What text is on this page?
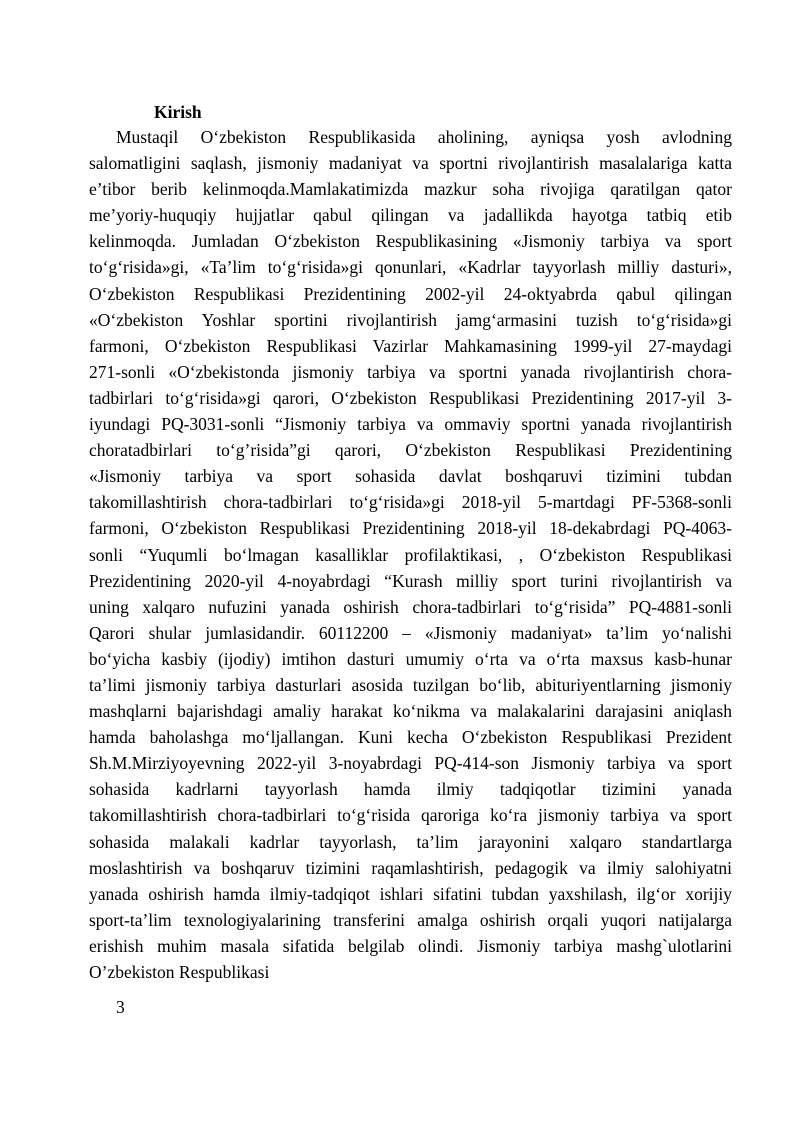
Kirish
Mustaqil O‘zbekiston Respublikasida aholining, ayniqsa yosh avlodning
salomatligini saqlash, jismoniy madaniyat va sportni rivojlantirish masalalariga katta
e’tibor berib kelinmoqda.Mamlakatimizda mazkur soha rivojiga qaratilgan qator
me’yoriy-huquqiy hujjatlar qabul qilingan va jadallikda hayotga tatbiq etib
kelinmoqda. Jumladan O‘zbekiston Respublikasining «Jismoniy tarbiya va sport
to‘g‘risida»gi, «Ta’lim to‘g‘risida»gi qonunlari, «Kadrlar tayyorlash milliy dasturi»,
O‘zbekiston Respublikasi Prezidentining 2002-yil 24-oktyabrda qabul qilingan
«O‘zbekiston Yoshlar sportini rivojlantirish jamg‘armasini tuzish to‘g‘risida»gi
farmoni, O‘zbekiston Respublikasi Vazirlar Mahkamasining 1999-yil 27-maydagi
271-sonli «O‘zbekistonda jismoniy tarbiya va sportni yanada rivojlantirish chora-
tadbirlari to‘g‘risida»gi qarori, O‘zbekiston Respublikasi Prezidentining 2017-yil 3-
iyundagi PQ-3031-sonli “Jismoniy tarbiya va ommaviy sportni yanada rivojlantirish
choratadbirlari to‘g’risida”gi qarori, O‘zbekiston Respublikasi Prezidentining
«Jismoniy tarbiya va sport sohasida davlat boshqaruvi tizimini tubdan
takomillashtirish chora-tadbirlari to‘g‘risida»gi 2018-yil 5-martdagi PF-5368-sonli
farmoni, O‘zbekiston Respublikasi Prezidentining 2018-yil 18-dekabrdagi PQ-4063-
sonli “Yuqumli bo‘lmagan kasalliklar profilaktikasi, , O‘zbekiston Respublikasi
Prezidentining 2020-yil 4-noyabrdagi “Kurash milliy sport turini rivojlantirish va
uning xalqaro nufuzini yanada oshirish chora-tadbirlari to‘g‘risida” PQ-4881-sonli
Qarori shular jumlasidandir. 60112200 – «Jismoniy madaniyat» ta’lim yo‘nalishi
bo‘yicha kasbiy (ijodiy) imtihon dasturi umumiy o‘rta va o‘rta maxsus kasb-hunar
ta’limi jismoniy tarbiya dasturlari asosida tuzilgan bo‘lib, abituriyentlarning jismoniy
mashqlarni bajarishdagi amaliy harakat ko‘nikma va malakalarini darajasini aniqlash
hamda baholashga mo‘ljallangan. Kuni kecha O‘zbekiston Respublikasi Prezident
Sh.M.Mirziyoyevning 2022-yil 3-noyabrdagi PQ-414-son Jismoniy tarbiya va sport
sohasida kadrlarni tayyorlash hamda ilmiy tadqiqotlar tizimini yanada
takomillashtirish chora-tadbirlari to‘g‘risida qaroriga ko‘ra jismoniy tarbiya va sport
sohasida malakali kadrlar tayyorlash, ta’lim jarayonini xalqaro standartlarga
moslashtirish va boshqaruv tizimini raqamlashtirish, pedagogik va ilmiy salohiyatni
yanada oshirish hamda ilmiy-tadqiqot ishlari sifatini tubdan yaxshilash, ilg‘or xorijiy
sport-ta’lim texnologiyalarining transferini amalga oshirish orqali yuqori natijalarga
erishish muhim masala sifatida belgilab olindi. Jismoniy tarbiya mashg`ulotlarini
O’zbekiston Respublikasi
3
